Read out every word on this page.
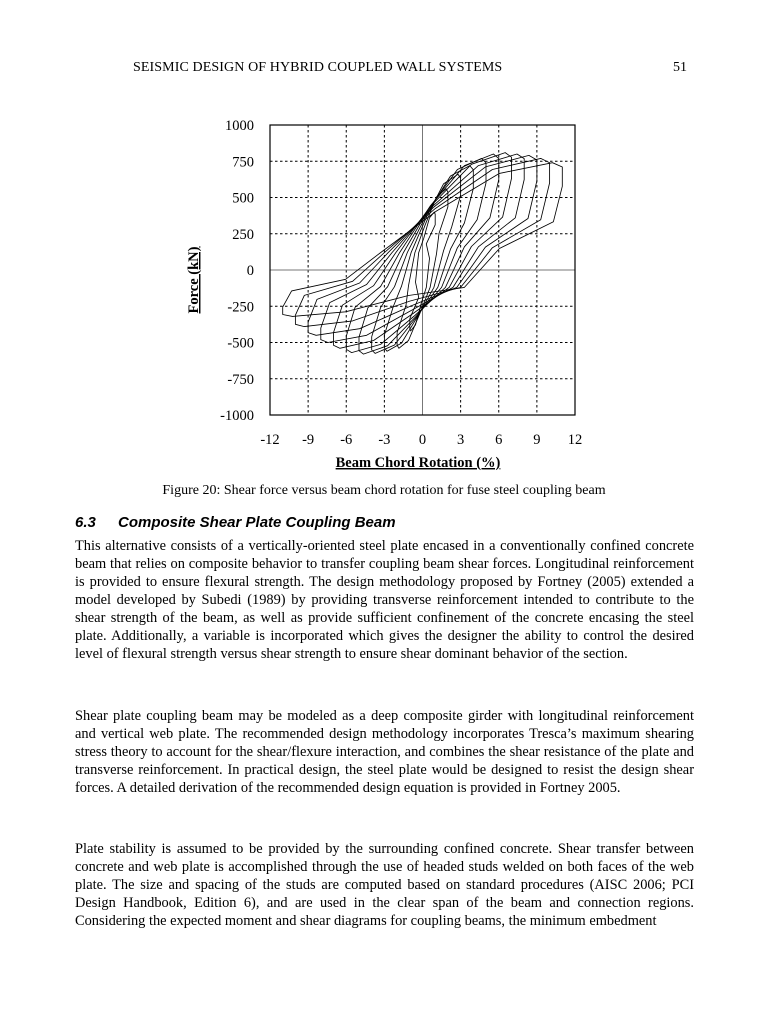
SEISMIC DESIGN OF HYBRID COUPLED WALL SYSTEMS	51
-12 -9 -6 -3 0 3 6 9 12
1000
750
500
250
0
-250
-500
-750
-1000
Beam Chord Rotation (%)
Force (kN)
Figure 20: Shear force versus beam chord rotation for fuse steel coupling beam
6.3 Composite Shear Plate Coupling Beam

This alternative consists of a vertically-oriented steel plate encased in a conventionally confined concrete beam that relies on composite behavior to transfer coupling beam shear forces. Longitudinal reinforcement is provided to ensure flexural strength. The design methodology proposed by Fortney (2005) extended a model developed by Subedi (1989) by providing transverse reinforcement intended to contribute to the shear strength of the beam, as well as provide sufficient confinement of the concrete encasing the steel plate. Additionally, a variable is incorporated which gives the designer the ability to control the desired level of flexural strength versus shear strength to ensure shear dominant behavior of the section.

Shear plate coupling beam may be modeled as a deep composite girder with longitudinal reinforcement and vertical web plate. The recommended design methodology incorporates Tresca’s maximum shearing stress theory to account for the shear/flexure interaction, and combines the shear resistance of the plate and transverse reinforcement. In practical design, the steel plate would be designed to resist the design shear forces. A detailed derivation of the recommended design equation is provided in Fortney 2005.

Plate stability is assumed to be provided by the surrounding confined concrete. Shear transfer between concrete and web plate is accomplished through the use of headed studs welded on both faces of the web plate. The size and spacing of the studs are computed based on standard procedures (AISC 2006; PCI Design Handbook, Edition 6), and are used in the clear span of the beam and connection regions. Considering the expected moment and shear diagrams for coupling beams, the minimum embedment
